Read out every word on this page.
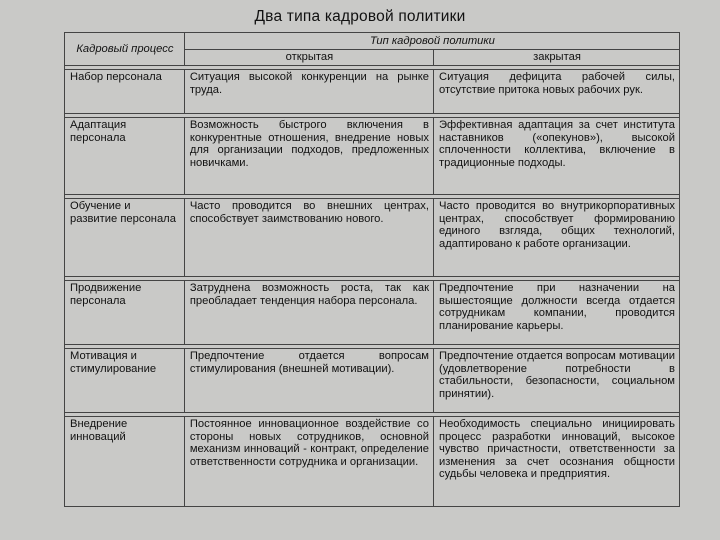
Два типа кадровой политики
Кадровый процесс	Тип кадровой политики	
	открытая	закрытая

Набор персонала	Ситуация высокой конкуренции на рынке труда.	Ситуация дефицита рабочей силы, отсутствие притока новых рабочих рук.

Адаптация персонала	Возможность быстрого включения в конкурентные отношения, внедрение новых для организации подходов, предложенных новичками.	Эффективная адаптация за счет института наставников («опекунов»), высокой сплоченности коллектива, включение в традиционные подходы.

Обучение и развитие персонала	Часто проводится во внешних центрах, способствует заимствованию нового.	Часто проводится во внутрикорпоративных центрах, способствует формированию единого взгляда, общих технологий, адаптировано к работе организации.

Продвижение персонала	Затруднена возможность роста, так как преобладает тенденция набора персонала.	Предпочтение при назначении на вышестоящие должности всегда отдается сотрудникам компании, проводится планирование карьеры.

Мотивация и стимулирование	Предпочтение отдается вопросам стимулирования (внешней мотивации).	Предпочтение отдается вопросам мотивации (удовлетворение потребности в стабильности, безопасности, социальном принятии).

Внедрение инноваций	Постоянное инновационное воздействие со стороны новых сотрудников, основной механизм инноваций - контракт, определение ответственности сотрудника и организации.	Необходимость специально инициировать процесс разработки инноваций, высокое чувство причастности, ответственности за изменения за счет осознания общности судьбы человека и предприятия.
